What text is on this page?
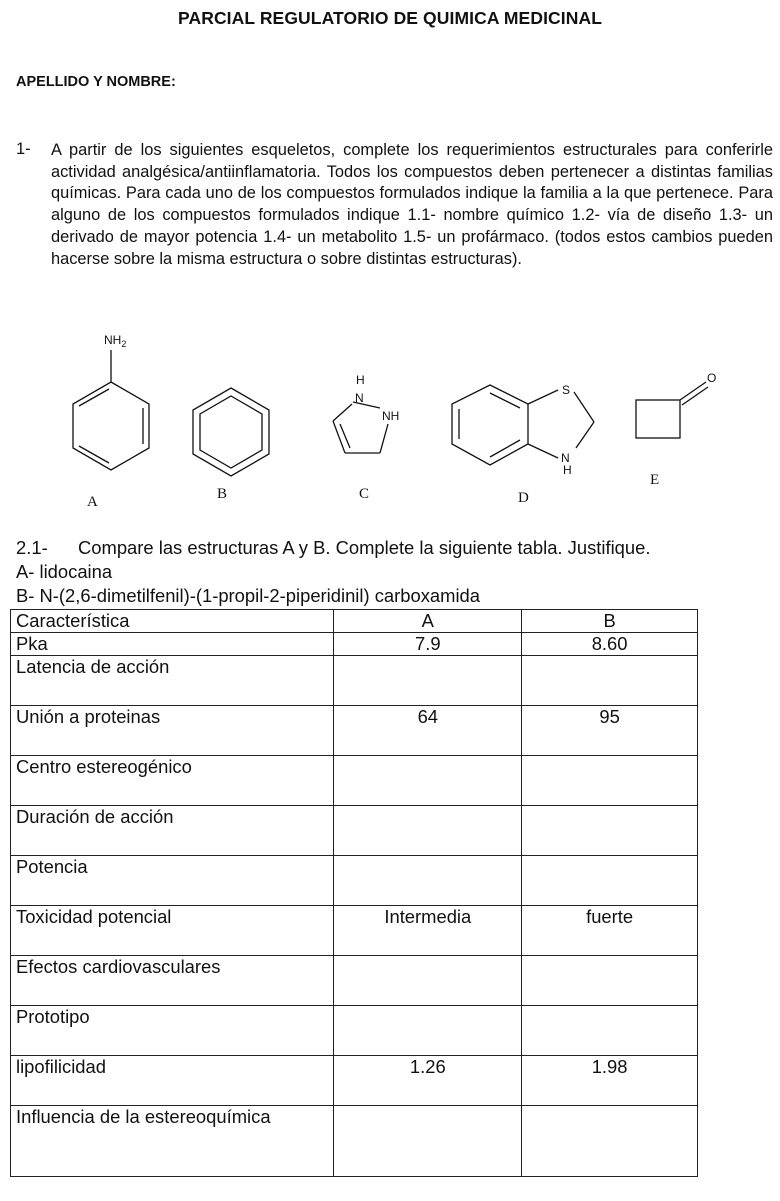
PARCIAL REGULATORIO DE QUIMICA MEDICINAL
APELLIDO Y NOMBRE:
1- A partir de los siguientes esqueletos, complete los requerimientos estructurales para conferirle actividad analgésica/antiinflamatoria. Todos los compuestos deben pertenecer a distintas familias químicas. Para cada uno de los compuestos formulados indique la familia a la que pertenece. Para alguno de los compuestos formulados indique 1.1- nombre químico 1.2- vía de diseño 1.3- un derivado de mayor potencia 1.4- un metabolito 1.5- un profármaco. (todos estos cambios pueden hacerse sobre la misma estructura o sobre distintas estructuras).
$NH_2$
H
N
NH
S
N
H
O
A	B	C	D
E
2.1- Compare las estructuras A y B. Complete la siguiente tabla. Justifique.
A- lidocaina
B- N-(2,6-dimetilfenil)-(1-propil-2-piperidinil) carboxamida
Característica	A	B
Pka	7.9	8.60
Latencia de acción		
Unión a proteinas	64	95
Centro estereogénico		
Duración de acción		
Potencia		
Toxicidad potencial	Intermedia	fuerte
Efectos cardiovasculares		
Prototipo		
lipofilicidad	1.26	1.98
Influencia de la estereoquímica		
